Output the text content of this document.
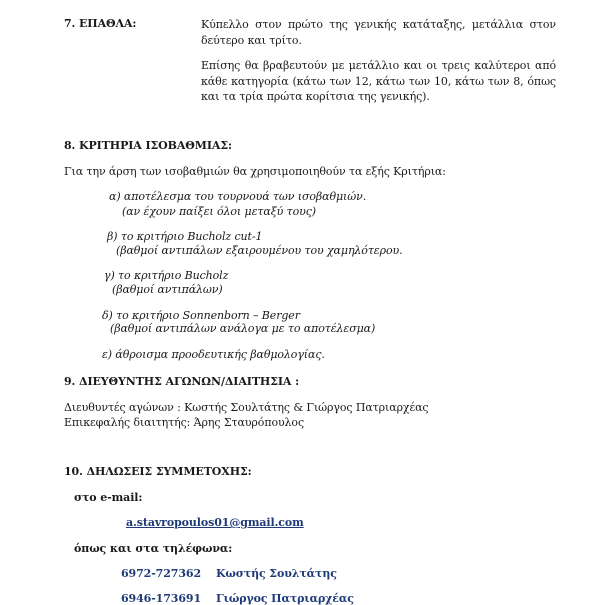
7. ΕΠΑΘΛΑ:	Κύπελλο στον πρώτο της γενικής κατάταξης, μετάλλια στον δεύτερο και τρίτο.
Επίσης θα βραβευτούν με μετάλλιο και οι τρεις καλύτεροι από κάθε κατηγορία (κάτω των 12, κάτω των 10, κάτω των 8, όπως και τα τρία πρώτα κορίτσια της γενικής).
8. ΚΡΙΤΗΡΙΑ ΙΣΟΒΑΘΜΙΑΣ:
Για την άρση των ισοβαθμιών θα χρησιμοποιηθούν τα εξής Κριτήρια:
α) αποτέλεσμα του τουρνουά των ισοβαθμιών.
(αν έχουν παίξει όλοι μεταξύ τους)
β) το κριτήριο Bucholz cut-1
(βαθμοί αντιπάλων εξαιρουμένου του χαμηλότερου.
γ) το κριτήριο Bucholz
(βαθμοί αντιπάλων)
δ) το κριτήριο Sonnenborn – Berger
(βαθμοί αντιπάλων ανάλογα με το αποτέλεσμα)
ε) άθροισμα προοδευτικής βαθμολογίας.
9. ΔΙΕΥΘΥΝΤΗΣ ΑΓΩΝΩΝ/ΔΙΑΙΤΗΣΙΑ :
Διευθυντές αγώνων : Κωστής Σουλτάτης & Γιώργος Πατριαρχέας
Επικεφαλής διαιτητής: Άρης Σταυρόπουλος
10. ΔΗΛΩΣΕΙΣ ΣΥΜΜΕΤΟΧΗΣ:
στο e-mail:
a.stavropoulos01@gmail.com
όπως και στα τηλέφωνα:
6972-727362 Κωστής Σουλτάτης
6946-173691 Γιώργος Πατριαρχέας
